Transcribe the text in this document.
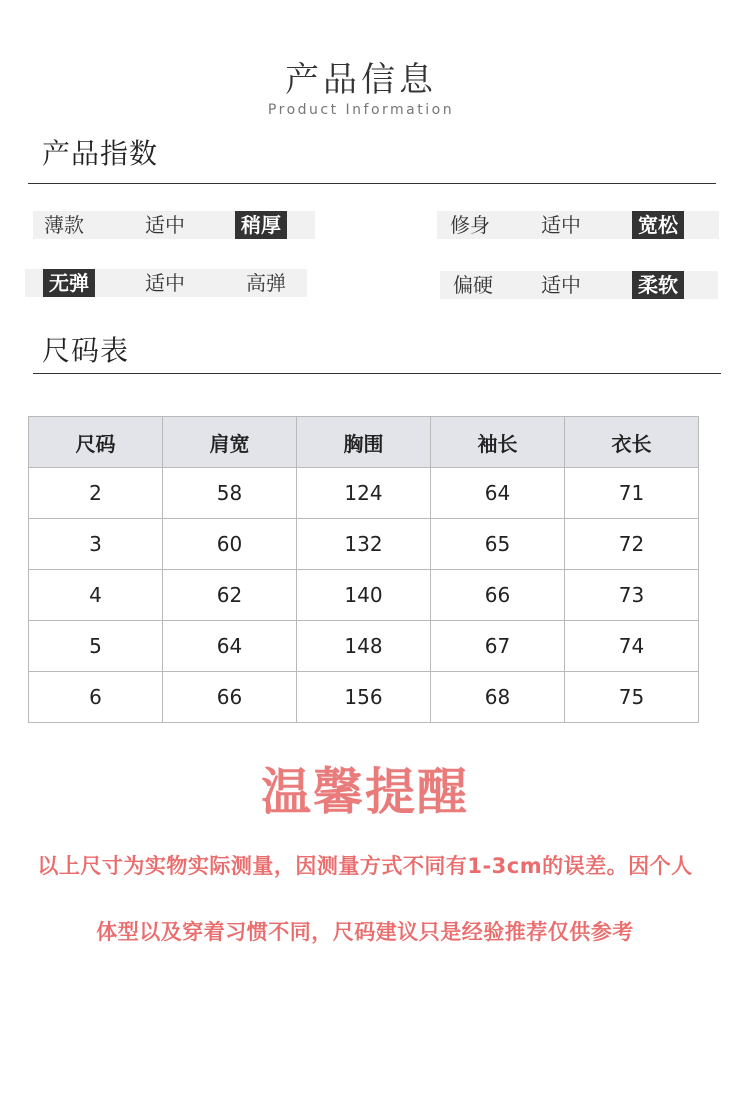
产品信息
Product Information
产品指数
薄款	适中	稍厚	修身	适中	宽松
无弹	适中	高弹	偏硬 适中	柔软
尺码表
尺码	肩宽	胸围	袖长	衣长
2	58	124	64	71
3	60	132	65	72
4	62	140	66	73
5	64	148	67	74
6	66	156	68	75
温馨提醒
以上尺寸为实物实际测量，因测量方式不同有1-3cm的误差。因个人
体型以及穿着习惯不同，尺码建议只是经验推荐仅供参考
